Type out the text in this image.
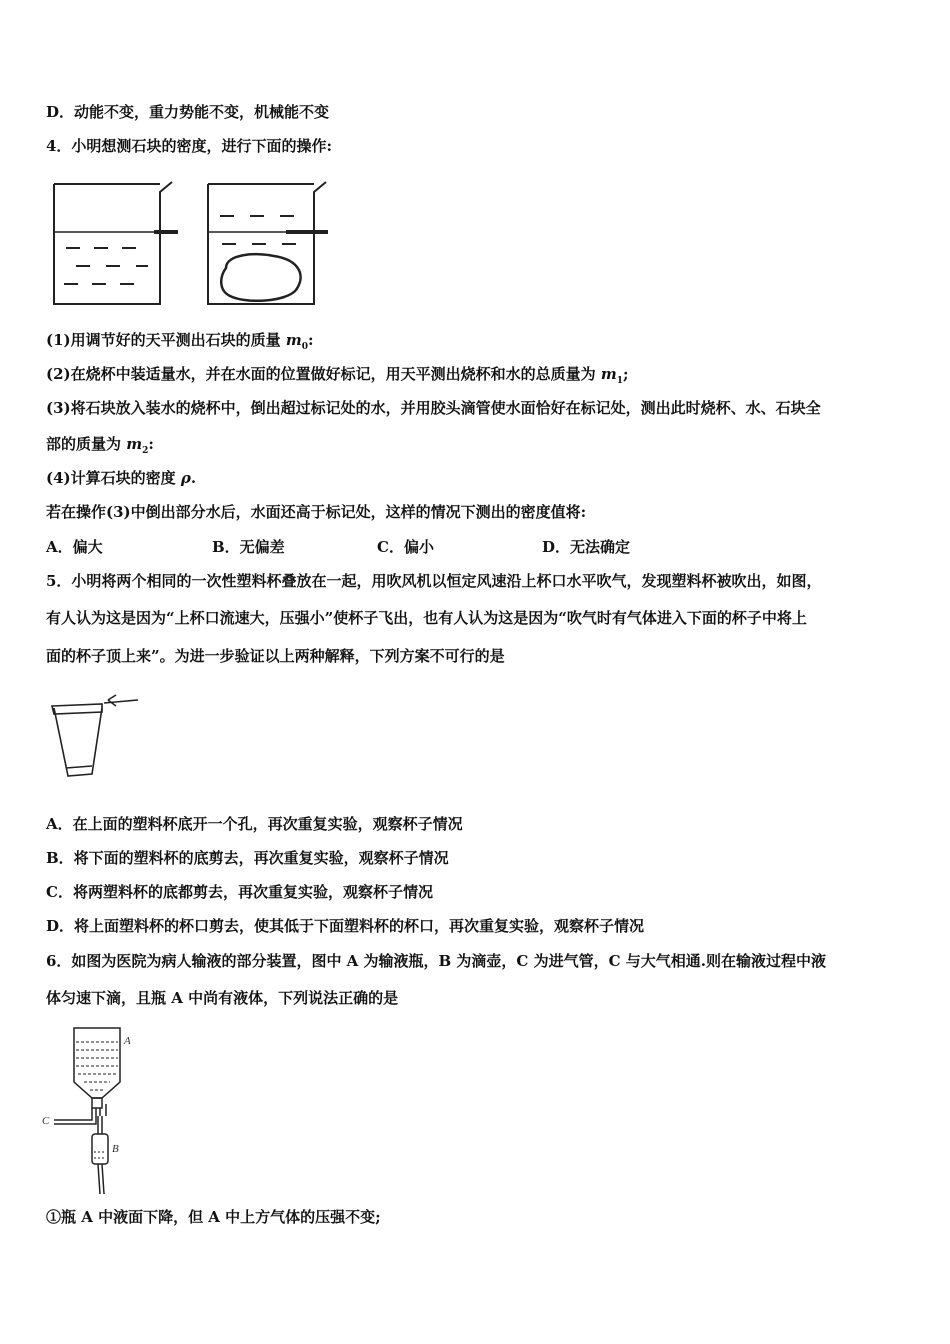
D．动能不变，重力势能不变，机械能不变
4．小明想测石块的密度，进行下面的操作:
(1)用调节好的天平测出石块的质量 $m_0$:
(2)在烧杯中装适量水，并在水面的位置做好标记，用天平测出烧杯和水的总质量为 $m_1$;
(3)将石块放入装水的烧杯中，倒出超过标记处的水，并用胶头滴管使水面恰好在标记处，测出此时烧杯、水、石块全
部的质量为 $m_2$:
(4)计算石块的密度 ρ.
若在操作(3)中倒出部分水后，水面还高于标记处，这样的情况下测出的密度值将:
A．偏大	B．无偏差	C．偏小	D．无法确定
5．小明将两个相同的一次性塑料杯叠放在一起，用吹风机以恒定风速沿上杯口水平吹气，发现塑料杯被吹出，如图，
有人认为这是因为“上杯口流速大，压强小”使杯子飞出，也有人认为这是因为“吹气时有气体进入下面的杯子中将上
面的杯子顶上来”。为进一步验证以上两种解释，下列方案不可行的是
A．在上面的塑料杯底开一个孔，再次重复实验，观察杯子情况
B．将下面的塑料杯的底剪去，再次重复实验，观察杯子情况
C．将两塑料杯的底都剪去，再次重复实验，观察杯子情况
D．将上面塑料杯的杯口剪去，使其低于下面塑料杯的杯口，再次重复实验，观察杯子情况
6．如图为医院为病人输液的部分装置，图中 A 为输液瓶，B 为滴壶，C 为进气管，C 与大气相通.则在输液过程中液
体匀速下滴，且瓶 A 中尚有液体，下列说法正确的是
A
C
B
①瓶 A 中液面下降，但 A 中上方气体的压强不变;
